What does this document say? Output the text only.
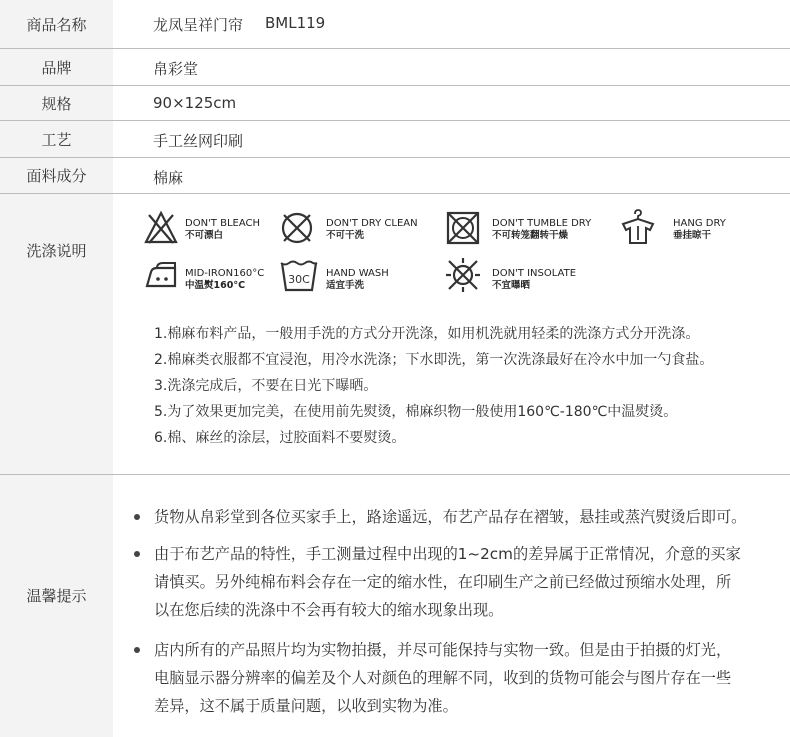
商品名称	龙凤呈祥门帘 BML119
品牌	帛彩堂
规格	90×125cm
工艺	手工丝网印刷
面料成分	棉麻
洗涤说明
DON'T BLEACH
不可漂白
DON'T DRY CLEAN
不可干洗
DON'T TUMBLE DRY
不可转笼翻转干燥
HANG DRY
垂挂晾干
MID-IRON160°C
中温熨160°C	30C HAND WASH
适宜手洗
DON'T INSOLATE
不宜曝晒
1.棉麻布料产品，一般用手洗的方式分开洗涤，如用机洗就用轻柔的洗涤方式分开洗涤。
2.棉麻类衣服都不宜浸泡，用冷水洗涤；下水即洗，第一次洗涤最好在冷水中加一勺食盐。
3.洗涤完成后，不要在日光下曝晒。
5.为了效果更加完美，在使用前先熨烫，棉麻织物一般使用160℃-180℃中温熨烫。
6.棉、麻丝的涂层，过胶面料不要熨烫。
温馨提示
货物从帛彩堂到各位买家手上，路途遥远，布艺产品存在褶皱，悬挂或蒸汽熨烫后即可。
由于布艺产品的特性，手工测量过程中出现的1~2cm的差异属于正常情况，介意的买家
请慎买。另外纯棉布料会存在一定的缩水性，在印刷生产之前已经做过预缩水处理，所
以在您后续的洗涤中不会再有较大的缩水现象出现。
店内所有的产品照片均为实物拍摄，并尽可能保持与实物一致。但是由于拍摄的灯光，
电脑显示器分辨率的偏差及个人对颜色的理解不同，收到的货物可能会与图片存在一些
差异，这不属于质量问题，以收到实物为准。
